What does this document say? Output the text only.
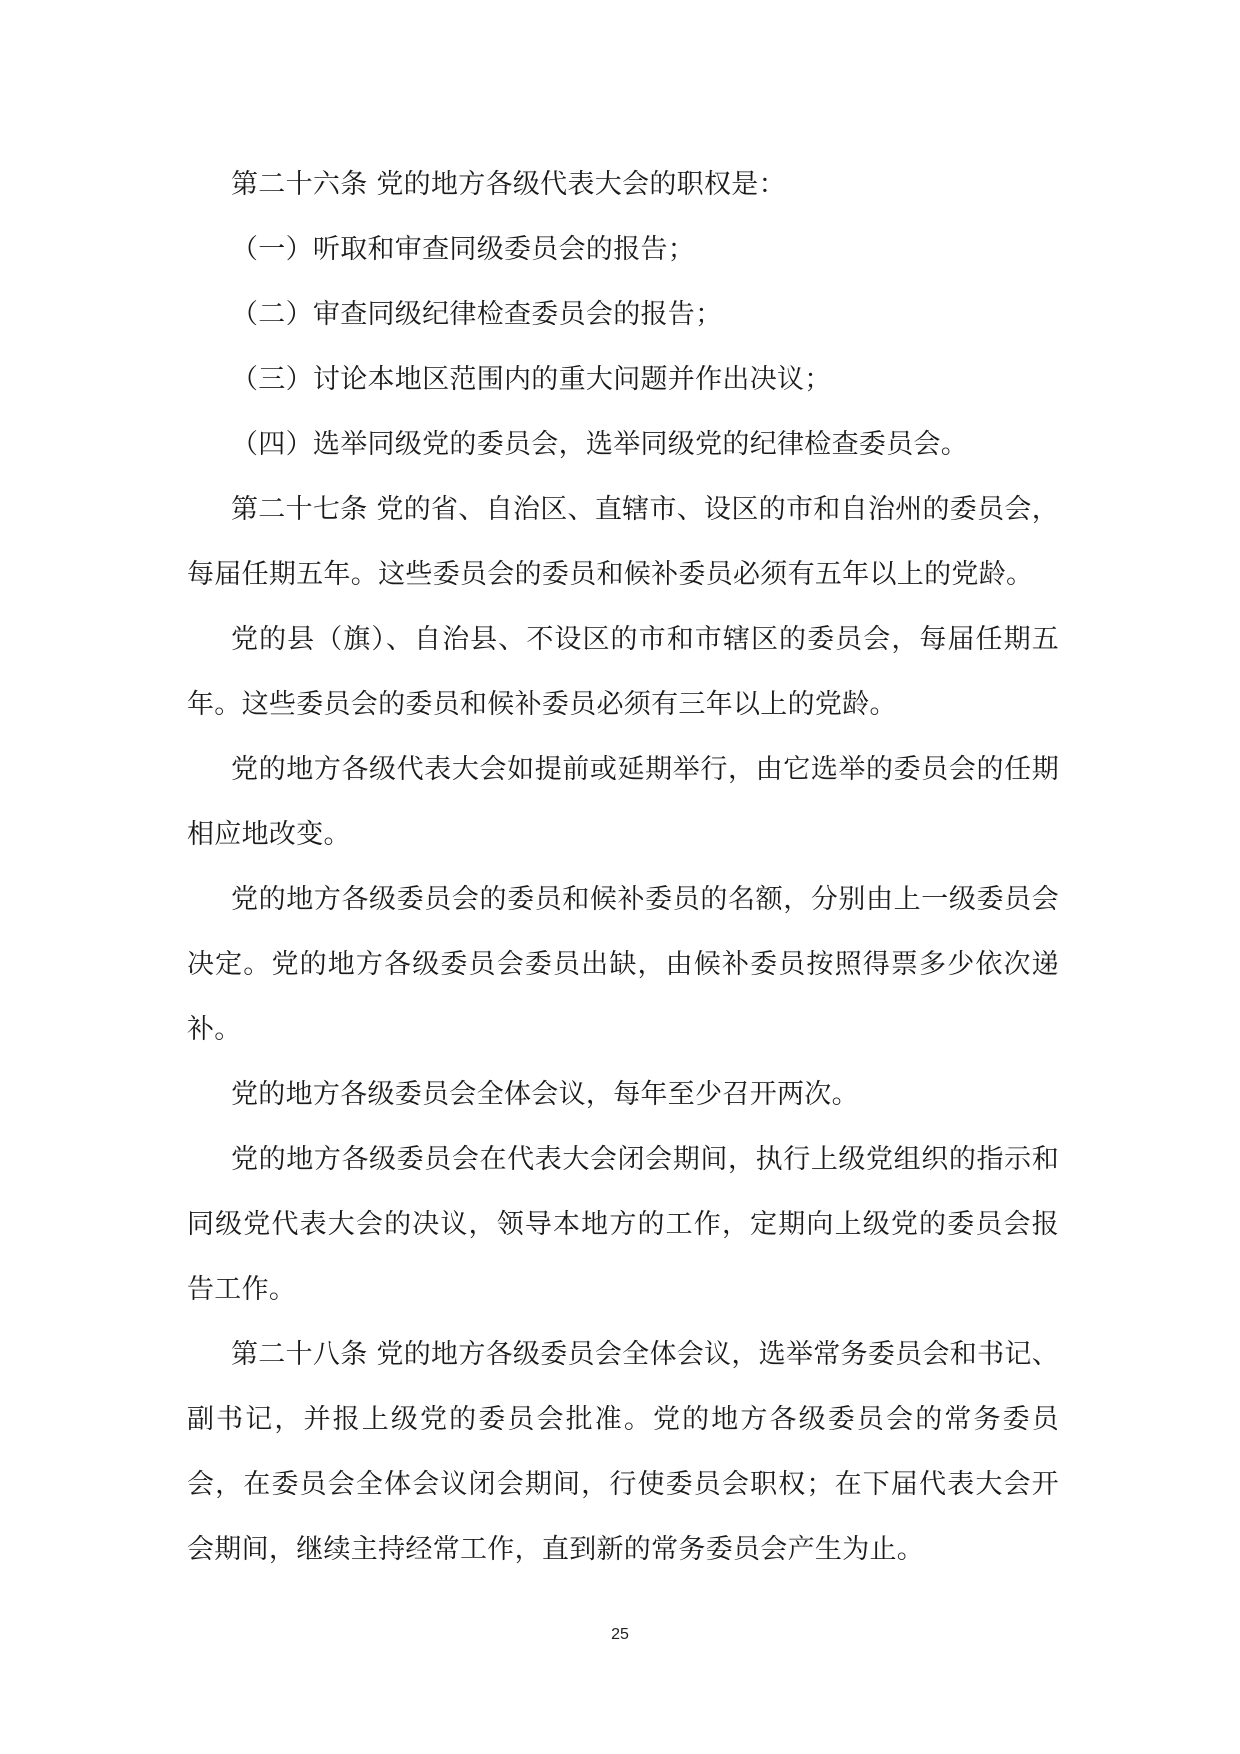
第二十六条 党的地方各级代表大会的职权是：

（一）听取和审查同级委员会的报告；

（二）审查同级纪律检查委员会的报告；

（三）讨论本地区范围内的重大问题并作出决议；

（四）选举同级党的委员会，选举同级党的纪律检查委员会。

第二十七条 党的省、自治区、直辖市、设区的市和自治州的委员会，每届任期五年。这些委员会的委员和候补委员必须有五年以上的党龄。

党的县（旗）、自治县、不设区的市和市辖区的委员会，每届任期五年。这些委员会的委员和候补委员必须有三年以上的党龄。

党的地方各级代表大会如提前或延期举行，由它选举的委员会的任期相应地改变。

党的地方各级委员会的委员和候补委员的名额，分别由上一级委员会决定。党的地方各级委员会委员出缺，由候补委员按照得票多少依次递补。

党的地方各级委员会全体会议，每年至少召开两次。

党的地方各级委员会在代表大会闭会期间，执行上级党组织的指示和同级党代表大会的决议，领导本地方的工作，定期向上级党的委员会报告工作。

第二十八条 党的地方各级委员会全体会议，选举常务委员会和书记、副书记，并报上级党的委员会批准。党的地方各级委员会的常务委员会，在委员会全体会议闭会期间，行使委员会职权；在下届代表大会开会期间，继续主持经常工作，直到新的常务委员会产生为止。

25
